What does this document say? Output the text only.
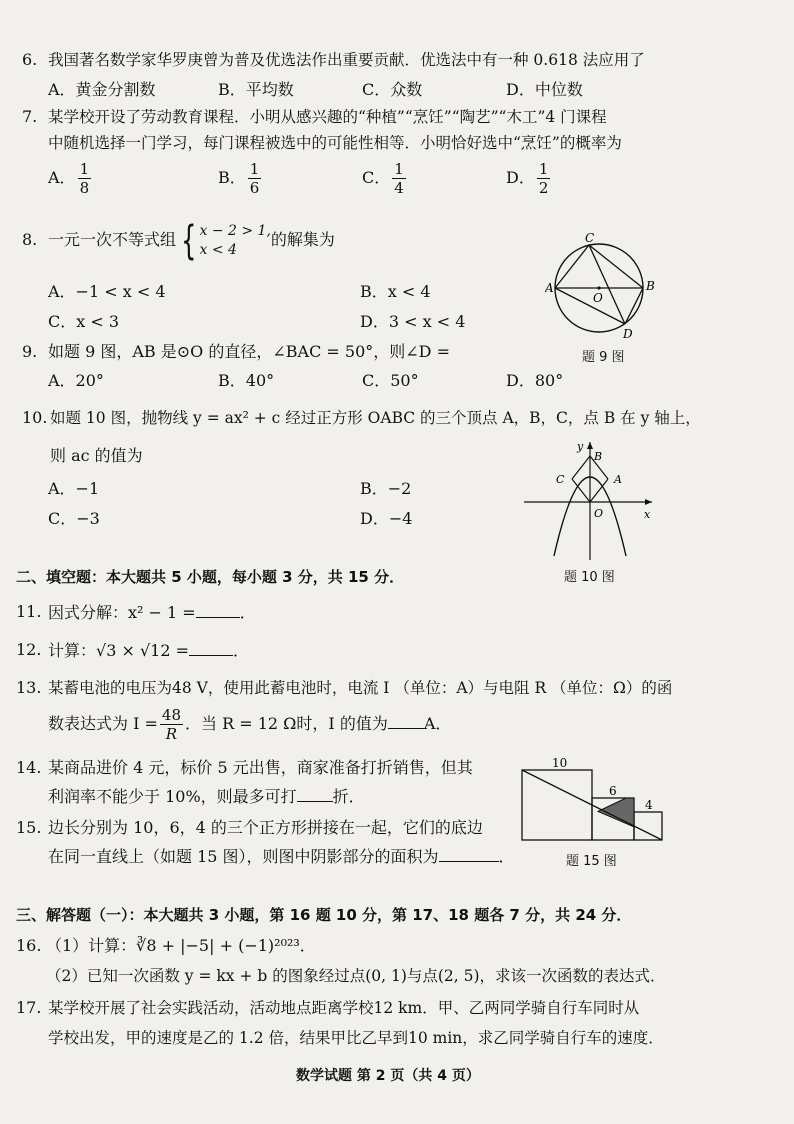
6. 我国著名数学家华罗庚曾为普及优选法作出重要贡献．优选法中有一种 0.618 法应用了
A．黄金分割数	B．平均数	C．众数	D．中位数
7. 某学校开设了劳动教育课程．小明从感兴趣的“种植”“烹饪”“陶艺”“木工”4 门课程
中随机选择一门学习，每门课程被选中的可能性相等．小明恰好选中“烹饪”的概率为
A． $\frac{1}{8}$	B． $\frac{1}{6}$	C． $\frac{1}{4}$	D． $\frac{1}{2}$
8. 一元一次不等式组 { x − 2 > 1,
x < 4
的解集为
A．−1 < x < 4	B．x < 4
C．x < 3	D．3 < x < 4
C
A	B
D
O
题 9 图
9. 如题 9 图，AB 是⊙O 的直径，∠BAC = 50°，则∠D =
A．20°	B．40°	C．50°	D．80°
10. 如题 10 图，抛物线 y = ax² + c 经过正方形 OABC 的三个顶点 A，B，C，点 B 在 y 轴上，
则 ac 的值为
A．−1	B．−2
C．−3	D．−4
y
x
B
C	A
O
题 10 图
二、填空题：本大题共 5 小题，每小题 3 分，共 15 分．
11. 因式分解：x² − 1 =	．
12. 计算：√3 × √12 =	．
13. 某蓄电池的电压为48 V，使用此蓄电池时，电流 I （单位：A）与电阻 R （单位：Ω）的函
数表达式为 $I = \frac{48}{R}$ ．当 R = 12 Ω时，I 的值为 A．
14. 某商品进价 4 元，标价 5 元出售，商家准备打折销售，但其
利润率不能少于 10%，则最多可打 折．
15. 边长分别为 10，6，4 的三个正方形拼接在一起，它们的底边
在同一直线上（如题 15 图），则图中阴影部分的面积为	．
10
6
4
题 15 图
三、解答题（一）：本大题共 3 小题，第 16 题 10 分，第 17、18 题各 7 分，共 24 分．
16. （1）计算：∛8 + |−5| + (−1)²⁰²³．
（2）已知一次函数 y = kx + b 的图象经过点(0, 1)与点(2, 5)，求该一次函数的表达式．
17. 某学校开展了社会实践活动，活动地点距离学校12 km．甲、乙两同学骑自行车同时从
学校出发，甲的速度是乙的 1.2 倍，结果甲比乙早到10 min，求乙同学骑自行车的速度．
数学试题 第 2 页（共 4 页）
